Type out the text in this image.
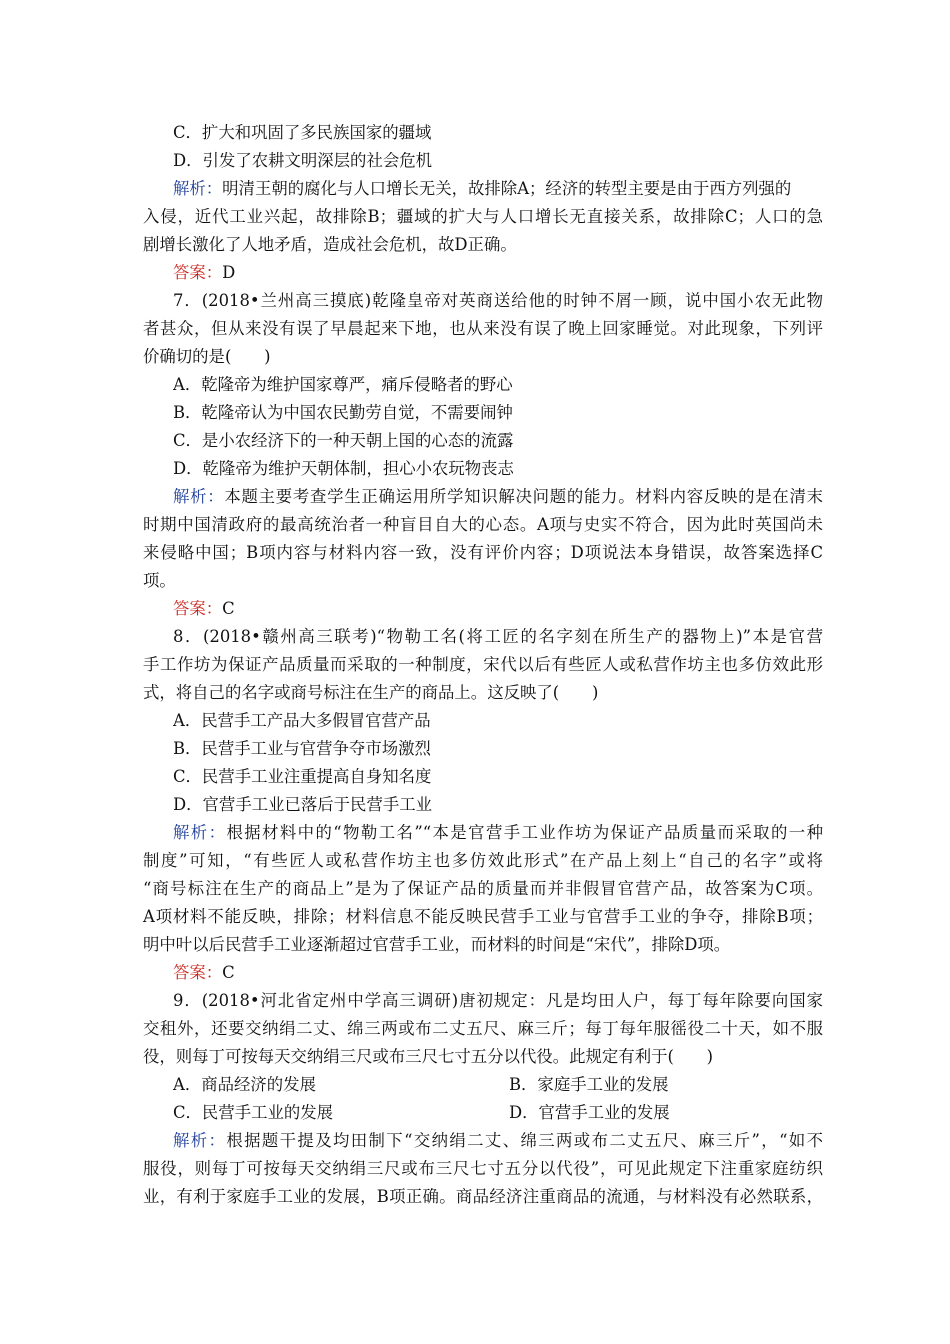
C．扩大和巩固了多民族国家的疆域
D．引发了农耕文明深层的社会危机
解析：明清王朝的腐化与人口增长无关，故排除A；经济的转型主要是由于西方列强的
入侵，近代工业兴起，故排除B；疆域的扩大与人口增长无直接关系，故排除C；人口的急
剧增长激化了人地矛盾，造成社会危机，故D正确。
答案：D
7．(2018•兰州高三摸底)乾隆皇帝对英商送给他的时钟不屑一顾，说中国小农无此物
者甚众，但从来没有误了早晨起来下地，也从来没有误了晚上回家睡觉。对此现象，下列评
价确切的是(　　)
A．乾隆帝为维护国家尊严，痛斥侵略者的野心
B．乾隆帝认为中国农民勤劳自觉，不需要闹钟
C．是小农经济下的一种天朝上国的心态的流露
D．乾隆帝为维护天朝体制，担心小农玩物丧志
解析：本题主要考查学生正确运用所学知识解决问题的能力。材料内容反映的是在清末
时期中国清政府的最高统治者一种盲目自大的心态。A项与史实不符合，因为此时英国尚未
来侵略中国；B项内容与材料内容一致，没有评价内容；D项说法本身错误，故答案选择C
项。
答案：C
8．(2018•赣州高三联考)“物勒工名(将工匠的名字刻在所生产的器物上)”本是官营
手工作坊为保证产品质量而采取的一种制度，宋代以后有些匠人或私营作坊主也多仿效此形
式，将自己的名字或商号标注在生产的商品上。这反映了(　　)
A．民营手工产品大多假冒官营产品
B．民营手工业与官营争夺市场激烈
C．民营手工业注重提高自身知名度
D．官营手工业已落后于民营手工业
解析：根据材料中的“物勒工名”“本是官营手工业作坊为保证产品质量而采取的一种
制度”可知，“有些匠人或私营作坊主也多仿效此形式”在产品上刻上“自己的名字”或将
“商号标注在生产的商品上”是为了保证产品的质量而并非假冒官营产品，故答案为C项。
A项材料不能反映，排除；材料信息不能反映民营手工业与官营手工业的争夺，排除B项；
明中叶以后民营手工业逐渐超过官营手工业，而材料的时间是“宋代”，排除D项。
答案：C
9．(2018•河北省定州中学高三调研)唐初规定：凡是均田人户，每丁每年除要向国家
交租外，还要交纳绢二丈、绵三两或布二丈五尺、麻三斤；每丁每年服徭役二十天，如不服
役，则每丁可按每天交纳绢三尺或布三尺七寸五分以代役。此规定有利于(　　)
A．商品经济的发展	B．家庭手工业的发展
C．民营手工业的发展	D．官营手工业的发展
解析：根据题干提及均田制下“交纳绢二丈、绵三两或布二丈五尺、麻三斤”，“如不
服役，则每丁可按每天交纳绢三尺或布三尺七寸五分以代役”，可见此规定下注重家庭纺织
业，有利于家庭手工业的发展，B项正确。商品经济注重商品的流通，与材料没有必然联系，
